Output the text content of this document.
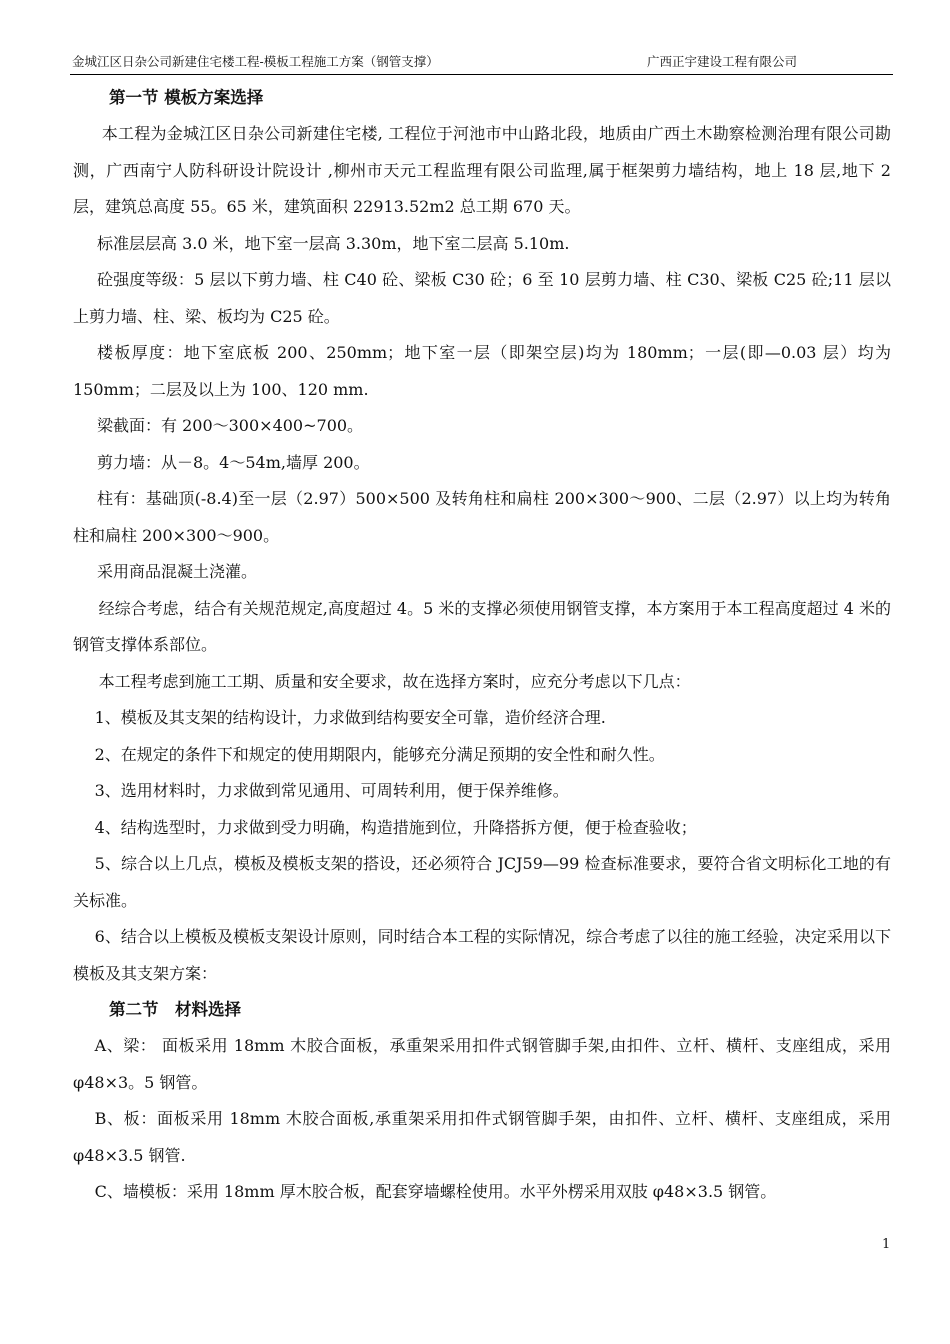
金城江区日杂公司新建住宅楼工程-模板工程施工方案（钢管支撑）	广西正宇建设工程有限公司
第一节 模板方案选择

本工程为金城江区日杂公司新建住宅楼, 工程位于河池市中山路北段，地质由广西土木勘察检测治理有限公司勘测，广西南宁人防科研设计院设计 ,柳州市天元工程监理有限公司监理,属于框架剪力墙结构，地上 18 层,地下 2 层，建筑总高度 55。65 米，建筑面积 22913.52m2 总工期 670 天。

标准层层高 3.0 米，地下室一层高 3.30m，地下室二层高 5.10m.

砼强度等级：5 层以下剪力墙、柱 C40 砼、梁板 C30 砼；6 至 10 层剪力墙、柱 C30、梁板 C25 砼;11 层以上剪力墙、柱、梁、板均为 C25 砼。

楼板厚度：地下室底板 200、250mm；地下室一层（即架空层)均为 180mm；一层(即—0.03 层）均为 150mm；二层及以上为 100、120 mm.

梁截面：有 200～300×400~700。

剪力墙：从－8。4～54m,墙厚 200。

柱有：基础顶(-8.4)至一层（2.97）500×500 及转角柱和扁柱 200×300～900、二层（2.97）以上均为转角柱和扁柱 200×300～900。

采用商品混凝土浇灌。

经综合考虑，结合有关规范规定,高度超过 4。5 米的支撑必须使用钢管支撑，本方案用于本工程高度超过 4 米的钢管支撑体系部位。

本工程考虑到施工工期、质量和安全要求，故在选择方案时，应充分考虑以下几点：

1、模板及其支架的结构设计，力求做到结构要安全可靠，造价经济合理.

2、在规定的条件下和规定的使用期限内，能够充分满足预期的安全性和耐久性。

3、选用材料时，力求做到常见通用、可周转利用，便于保养维修。

4、结构选型时，力求做到受力明确，构造措施到位，升降搭拆方便，便于检查验收；

5、综合以上几点，模板及模板支架的搭设，还必须符合 JCJ59—99 检查标准要求，要符合省文明标化工地的有关标准。

6、结合以上模板及模板支架设计原则，同时结合本工程的实际情况，综合考虑了以往的施工经验，决定采用以下模板及其支架方案：

第二节　材料选择

A、梁： 面板采用 18mm 木胶合面板，承重架采用扣件式钢管脚手架,由扣件、立杆、横杆、支座组成，采用 φ48×3。5 钢管。

B、板：面板采用 18mm 木胶合面板,承重架采用扣件式钢管脚手架，由扣件、立杆、横杆、支座组成，采用 φ48×3.5 钢管.

C、墙模板：采用 18mm 厚木胶合板，配套穿墙螺栓使用。水平外楞采用双肢 φ48×3.5 钢管。

1
